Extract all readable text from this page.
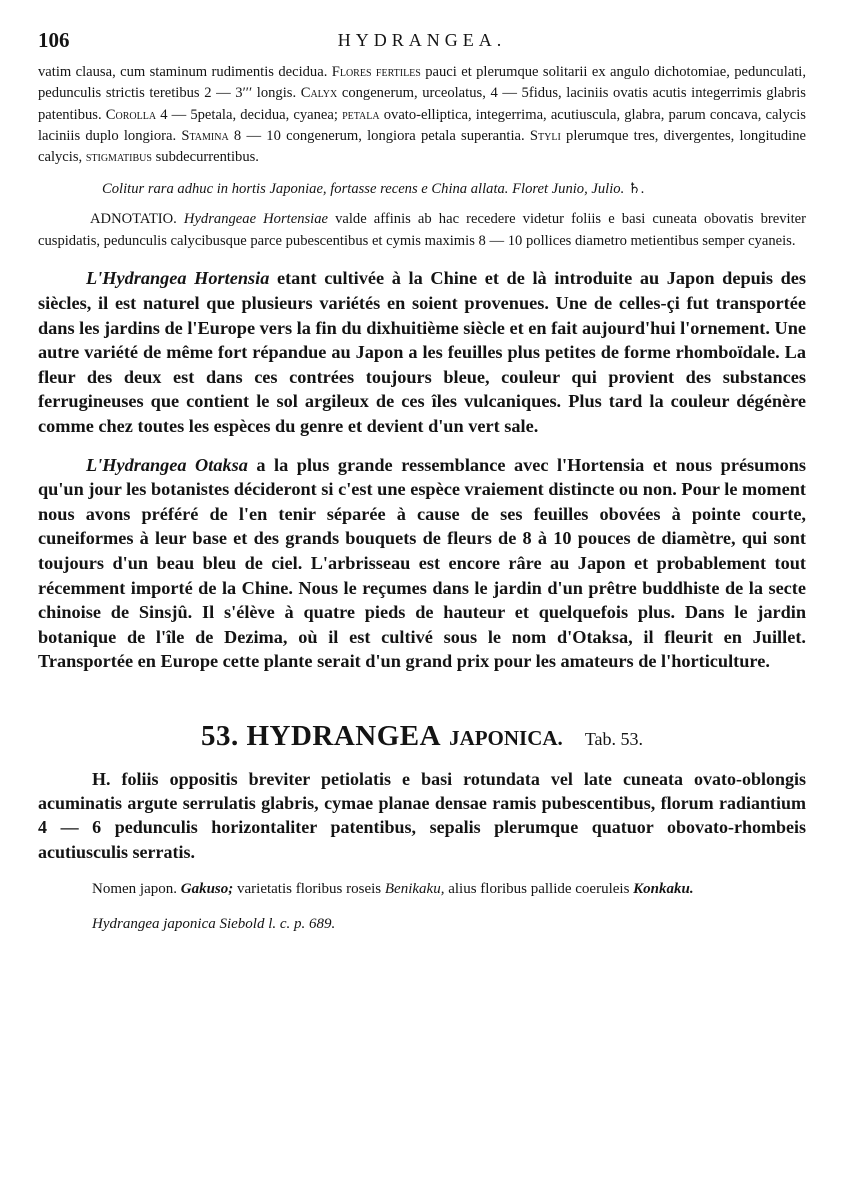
106	HYDRANGEA.

vatim clausa, cum staminum rudimentis decidua. Flores fertiles pauci et plerumque solitarii ex angulo dichotomiae, pedunculati, pedunculis strictis teretibus 2 — 3′′′ longis. Calyx congenerum, urceolatus, 4 — 5fidus, laciniis ovatis acutis integerrimis glabris patentibus. Corolla 4 — 5petala, decidua, cyanea; petala ovato-elliptica, integerrima, acutiuscula, glabra, parum concava, calycis laciniis duplo longiora. Stamina 8 — 10 congenerum, longiora petala superantia. Styli plerumque tres, divergentes, longitudine calycis, stigmatibus subdecurrentibus.

Colitur rara adhuc in hortis Japoniae, fortasse recens e China allata. Floret Junio, Julio. ♄.

ADNOTATIO. Hydrangeae Hortensiae valde affinis ab hac recedere videtur foliis e basi cuneata obovatis breviter cuspidatis, pedunculis calycibusque parce pubescentibus et cymis maximis 8 — 10 pollices diametro metientibus semper cyaneis.

L'Hydrangea Hortensia etant cultivée à la Chine et de là introduite au Japon depuis des siècles, il est naturel que plusieurs variétés en soient provenues. Une de celles-çi fut transportée dans les jardins de l'Europe vers la fin du dixhuitième siècle et en fait aujourd'hui l'ornement. Une autre variété de même fort répandue au Japon a les feuilles plus petites de forme rhomboïdale. La fleur des deux est dans ces contrées toujours bleue, couleur qui provient des substances ferrugineuses que contient le sol argileux de ces îles vulcaniques. Plus tard la couleur dégénère comme chez toutes les espèces du genre et devient d'un vert sale.

L'Hydrangea Otaksa a la plus grande ressemblance avec l'Hortensia et nous présumons qu'un jour les botanistes décideront si c'est une espèce vraiement distincte ou non. Pour le moment nous avons préféré de l'en tenir séparée à cause de ses feuilles obovées à pointe courte, cuneiformes à leur base et des grands bouquets de fleurs de 8 à 10 pouces de diamètre, qui sont toujours d'un beau bleu de ciel. L'arbrisseau est encore râre au Japon et probablement tout récemment importé de la Chine. Nous le reçumes dans le jardin d'un prêtre buddhiste de la secte chinoise de Sinsjû. Il s'élève à quatre pieds de hauteur et quelquefois plus. Dans le jardin botanique de l'île de Dezima, où il est cultivé sous le nom d'Otaksa, il fleurit en Juillet. Transportée en Europe cette plante serait d'un grand prix pour les amateurs de l'horticulture.

53. HYDRANGEA JAPONICA. Tab. 53.

H. foliis oppositis breviter petiolatis e basi rotundata vel late cuneata ovato-oblongis acuminatis argute serrulatis glabris, cymae planae densae ramis pubescentibus, florum radiantium 4 — 6 pedunculis horizontaliter patentibus, sepalis plerumque quatuor obovato-rhombeis acutiusculis serratis.

Nomen japon. Gakuso; varietatis floribus roseis Benikaku, alius floribus pallide coeruleis Konkaku.

Hydrangea japonica Siebold l. c. p. 689.
